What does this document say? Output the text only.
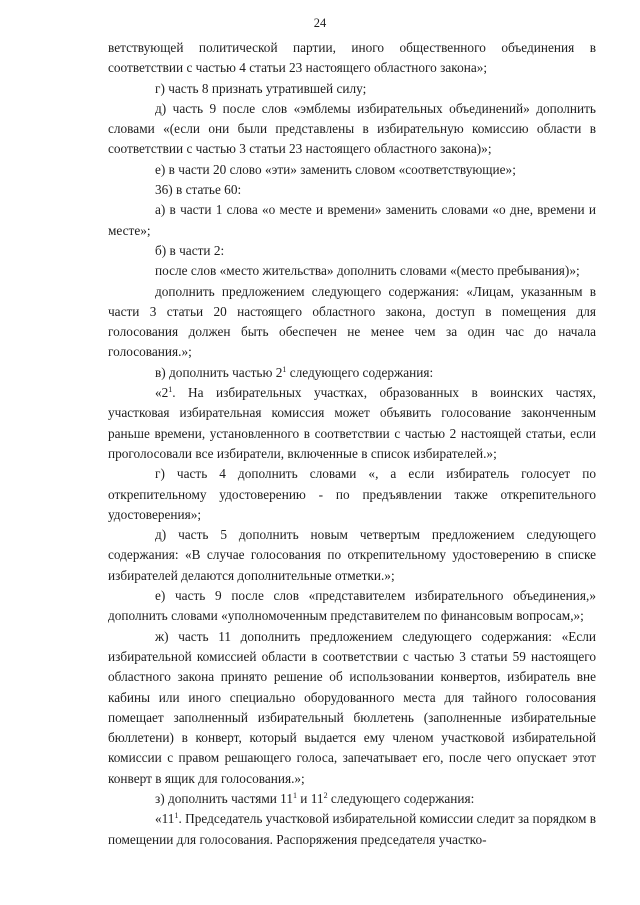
24

ветствующей политической партии, иного общественного объединения в соответствии с частью 4 статьи 23 настоящего областного закона»;

г) часть 8 признать утратившей силу;

д) часть 9 после слов «эмблемы избирательных объединений» дополнить словами «(если они были представлены в избирательную комиссию области в соответствии с частью 3 статьи 23 настоящего областного закона)»;

е) в части 20 слово «эти» заменить словом «соответствующие»;

36) в статье 60:

а) в части 1 слова «о месте и времени» заменить словами «о дне, времени и месте»;

б) в части 2:

после слов «место жительства» дополнить словами «(место пребывания)»;

дополнить предложением следующего содержания: «Лицам, указанным в части 3 статьи 20 настоящего областного закона, доступ в помещения для голосования должен быть обеспечен не менее чем за один час до начала голосования.»;

в) дополнить частью $2^1$ следующего содержания:

«$2^1$. На избирательных участках, образованных в воинских частях, участковая избирательная комиссия может объявить голосование законченным раньше времени, установленного в соответствии с частью 2 настоящей статьи, если проголосовали все избиратели, включенные в список избирателей.»;

г) часть 4 дополнить словами «, а если избиратель голосует по открепительному удостоверению - по предъявлении также открепительного удостоверения»;

д) часть 5 дополнить новым четвертым предложением следующего содержания: «В случае голосования по открепительному удостоверению в списке избирателей делаются дополнительные отметки.»;

е) часть 9 после слов «представителем избирательного объединения,» дополнить словами «уполномоченным представителем по финансовым вопросам,»;

ж) часть 11 дополнить предложением следующего содержания: «Если избирательной комиссией области в соответствии с частью 3 статьи 59 настоящего областного закона принято решение об использовании конвертов, избиратель вне кабины или иного специально оборудованного места для тайного голосования помещает заполненный избирательный бюллетень (заполненные избирательные бюллетени) в конверт, который выдается ему членом участковой избирательной комиссии с правом решающего голоса, запечатывает его, после чего опускает этот конверт в ящик для голосования.»;

з) дополнить частями $11^1$ и $11^2$ следующего содержания:

«$11^1$. Председатель участковой избирательной комиссии следит за порядком в помещении для голосования. Распоряжения председателя участко-
